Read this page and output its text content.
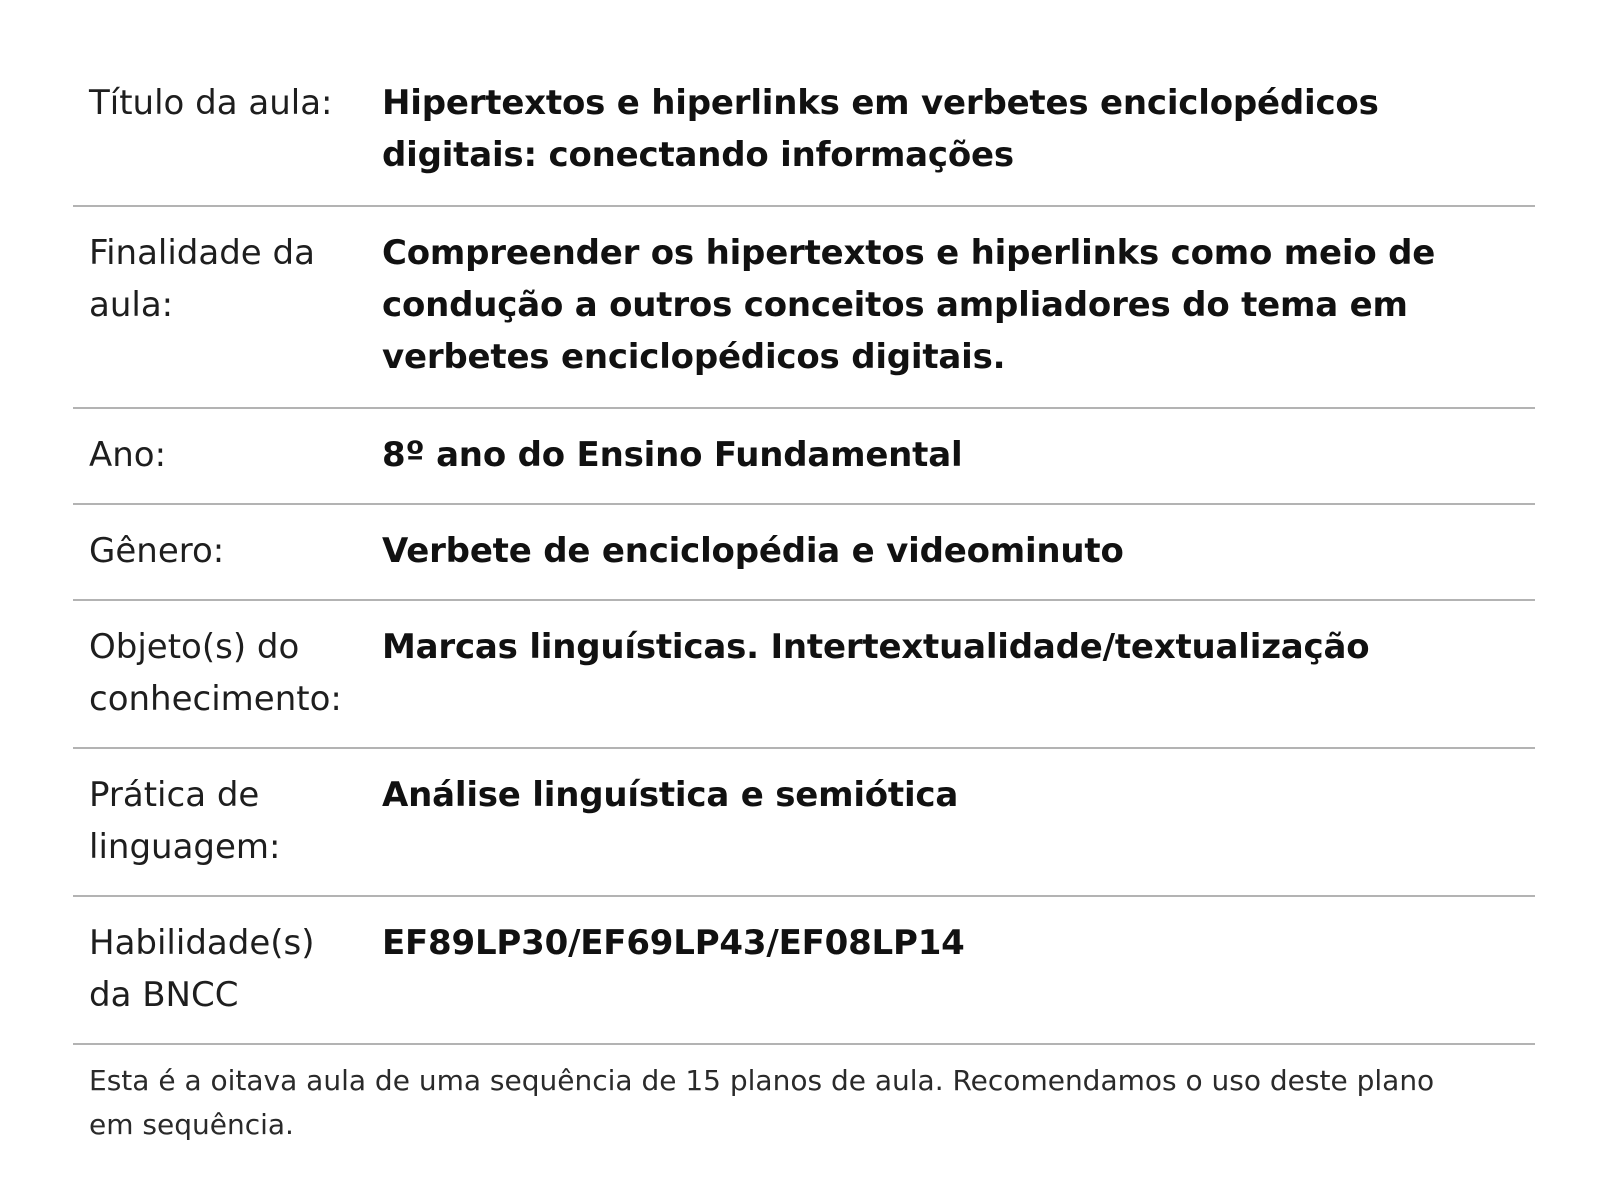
Título da aula:	Hipertextos e hiperlinks em verbetes enciclopédicos digitais: conectando informações
Finalidade da aula:	Compreender os hipertextos e hiperlinks como meio de condução a outros conceitos ampliadores do tema em verbetes enciclopédicos digitais.
Ano:	8º ano do Ensino Fundamental
Gênero:	Verbete de enciclopédia e videominuto
Objeto(s) do conhecimento:	Marcas linguísticas. Intertextualidade/textualização
Prática de linguagem:	Análise linguística e semiótica
Habilidade(s) da BNCC	EF89LP30/EF69LP43/EF08LP14

Esta é a oitava aula de uma sequência de 15 planos de aula. Recomendamos o uso deste plano em sequência.
